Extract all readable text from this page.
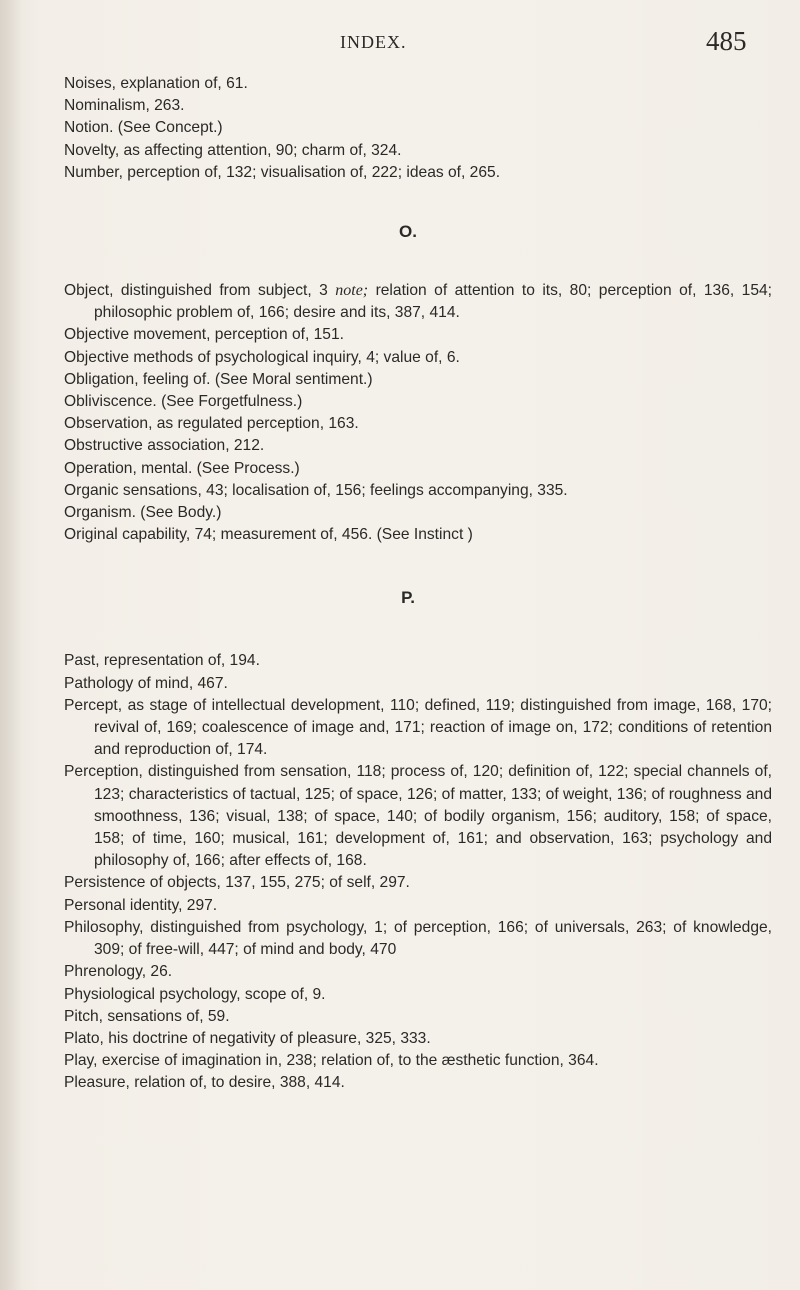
INDEX.	485

Noises, explanation of, 61.

Nominalism, 263.

Notion. (See Concept.)

Novelty, as affecting attention, 90; charm of, 324.

Number, perception of, 132; visualisation of, 222; ideas of, 265.

O.

Object, distinguished from subject, 3 note; relation of attention to its, 80; perception of, 136, 154; philosophic problem of, 166; desire and its, 387, 414.

Objective movement, perception of, 151.

Objective methods of psychological inquiry, 4; value of, 6.

Obligation, feeling of. (See Moral sentiment.)

Obliviscence. (See Forgetfulness.)

Observation, as regulated perception, 163.

Obstructive association, 212.

Operation, mental. (See Process.)

Organic sensations, 43; localisation of, 156; feelings accompanying, 335.

Organism. (See Body.)

Original capability, 74; measurement of, 456. (See Instinct )

P.

Past, representation of, 194.

Pathology of mind, 467.

Percept, as stage of intellectual development, 110; defined, 119; distinguished from image, 168, 170; revival of, 169; coalescence of image and, 171; reaction of image on, 172; conditions of retention and reproduction of, 174.

Perception, distinguished from sensation, 118; process of, 120; definition of, 122; special channels of, 123; characteristics of tactual, 125; of space, 126; of matter, 133; of weight, 136; of roughness and smoothness, 136; visual, 138; of space, 140; of bodily organism, 156; auditory, 158; of space, 158; of time, 160; musical, 161; development of, 161; and observation, 163; psychology and philosophy of, 166; after effects of, 168.

Persistence of objects, 137, 155, 275; of self, 297.

Personal identity, 297.

Philosophy, distinguished from psychology, 1; of perception, 166; of universals, 263; of knowledge, 309; of free-will, 447; of mind and body, 470

Phrenology, 26.

Physiological psychology, scope of, 9.

Pitch, sensations of, 59.

Plato, his doctrine of negativity of pleasure, 325, 333.

Play, exercise of imagination in, 238; relation of, to the æsthetic function, 364.

Pleasure, relation of, to desire, 388, 414.
